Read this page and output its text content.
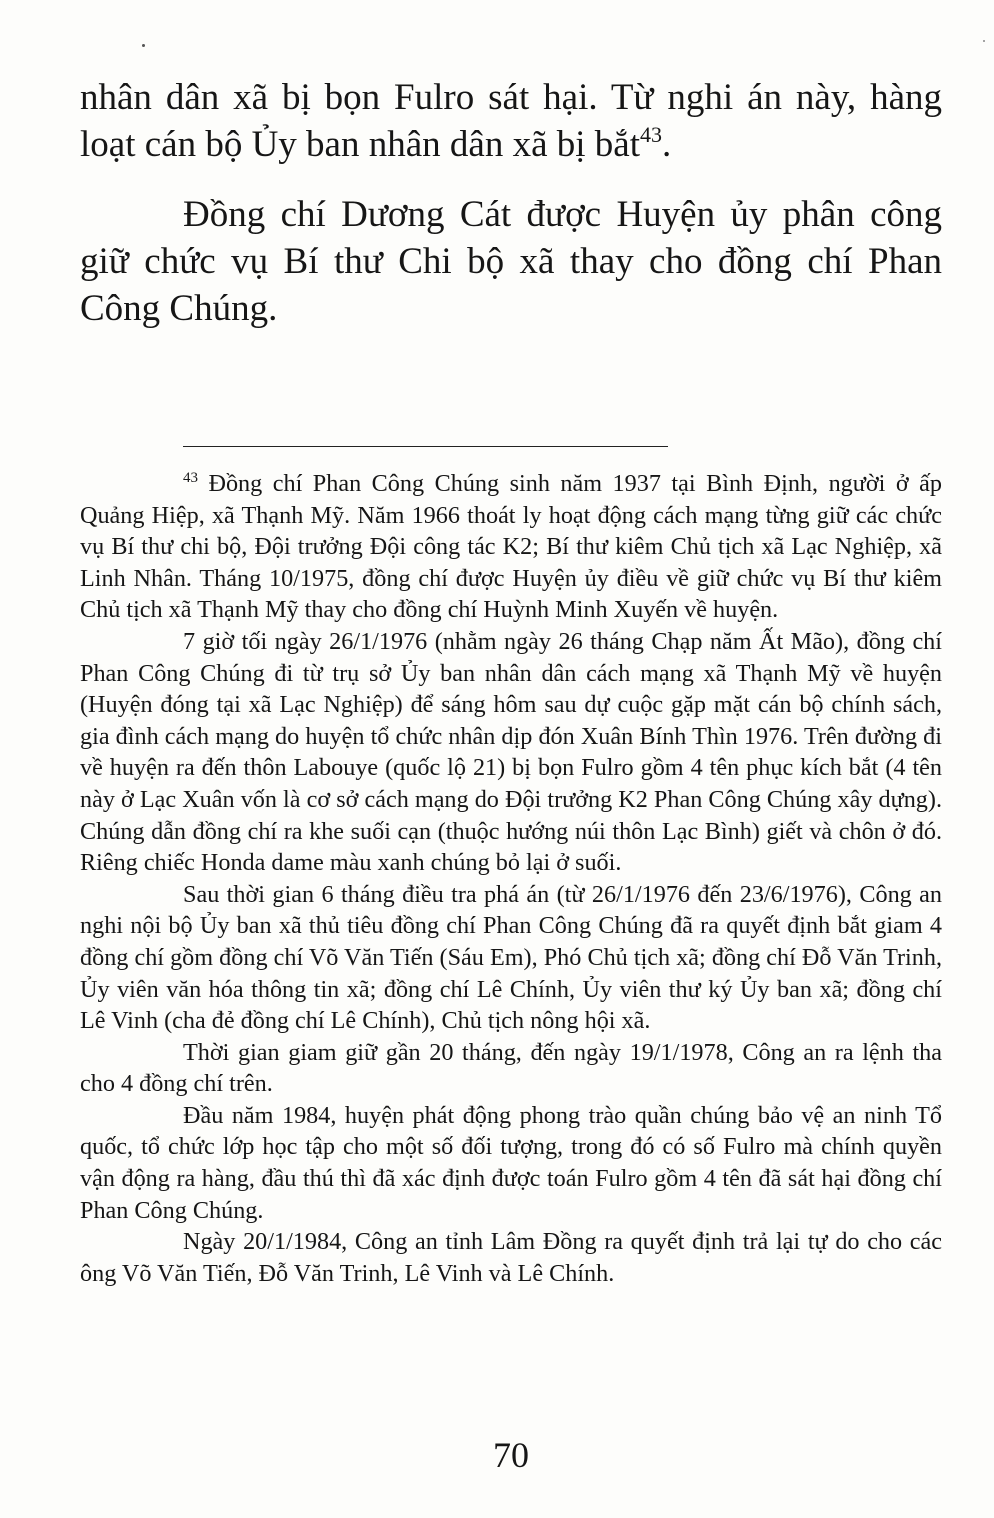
nhân dân xã bị bọn Fulro sát hại. Từ nghi án này, hàng loạt cán bộ Ủy ban nhân dân xã bị bắt$^{43}$.

Đồng chí Dương Cát được Huyện ủy phân công giữ chức vụ Bí thư Chi bộ xã thay cho đồng chí Phan Công Chúng.

$^{43}$ Đồng chí Phan Công Chúng sinh năm 1937 tại Bình Định, người ở ấp Quảng Hiệp, xã Thạnh Mỹ. Năm 1966 thoát ly hoạt động cách mạng từng giữ các chức vụ Bí thư chi bộ, Đội trưởng Đội công tác K2; Bí thư kiêm Chủ tịch xã Lạc Nghiệp, xã Linh Nhân. Tháng 10/1975, đồng chí được Huyện ủy điều về giữ chức vụ Bí thư kiêm Chủ tịch xã Thạnh Mỹ thay cho đồng chí Huỳnh Minh Xuyến về huyện.

7 giờ tối ngày 26/1/1976 (nhằm ngày 26 tháng Chạp năm Ất Mão), đồng chí Phan Công Chúng đi từ trụ sở Ủy ban nhân dân cách mạng xã Thạnh Mỹ về huyện (Huyện đóng tại xã Lạc Nghiệp) để sáng hôm sau dự cuộc gặp mặt cán bộ chính sách, gia đình cách mạng do huyện tổ chức nhân dịp đón Xuân Bính Thìn 1976. Trên đường đi về huyện ra đến thôn Labouye (quốc lộ 21) bị bọn Fulro gồm 4 tên phục kích bắt (4 tên này ở Lạc Xuân vốn là cơ sở cách mạng do Đội trưởng K2 Phan Công Chúng xây dựng). Chúng dẫn đồng chí ra khe suối cạn (thuộc hướng núi thôn Lạc Bình) giết và chôn ở đó. Riêng chiếc Honda dame màu xanh chúng bỏ lại ở suối.

Sau thời gian 6 tháng điều tra phá án (từ 26/1/1976 đến 23/6/1976), Công an nghi nội bộ Ủy ban xã thủ tiêu đồng chí Phan Công Chúng đã ra quyết định bắt giam 4 đồng chí gồm đồng chí Võ Văn Tiến (Sáu Em), Phó Chủ tịch xã; đồng chí Đỗ Văn Trinh, Ủy viên văn hóa thông tin xã; đồng chí Lê Chính, Ủy viên thư ký Ủy ban xã; đồng chí Lê Vinh (cha đẻ đồng chí Lê Chính), Chủ tịch nông hội xã.

Thời gian giam giữ gần 20 tháng, đến ngày 19/1/1978, Công an ra lệnh tha cho 4 đồng chí trên.

Đầu năm 1984, huyện phát động phong trào quần chúng bảo vệ an ninh Tổ quốc, tổ chức lớp học tập cho một số đối tượng, trong đó có số Fulro mà chính quyền vận động ra hàng, đầu thú thì đã xác định được toán Fulro gồm 4 tên đã sát hại đồng chí Phan Công Chúng.

Ngày 20/1/1984, Công an tỉnh Lâm Đồng ra quyết định trả lại tự do cho các ông Võ Văn Tiến, Đỗ Văn Trinh, Lê Vinh và Lê Chính.

70
